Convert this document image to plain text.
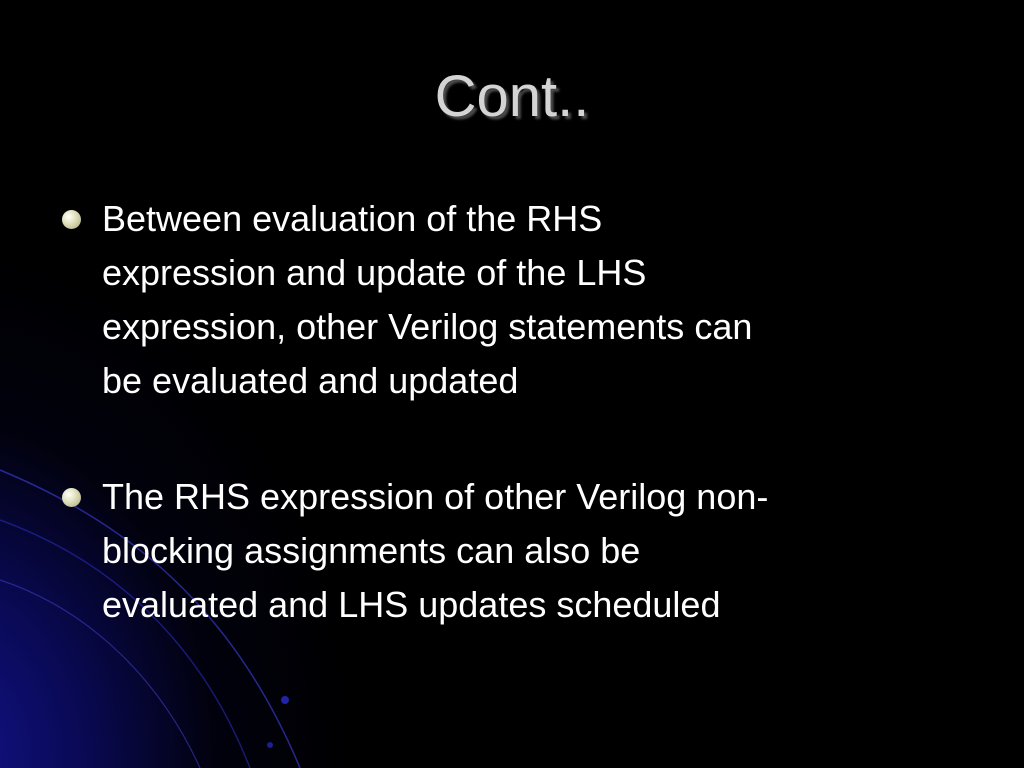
Cont..
Between evaluation of the RHS
expression and update of the LHS
expression, other Verilog statements can
be evaluated and updated
The RHS expression of other Verilog non-
blocking assignments can also be
evaluated and LHS updates scheduled
